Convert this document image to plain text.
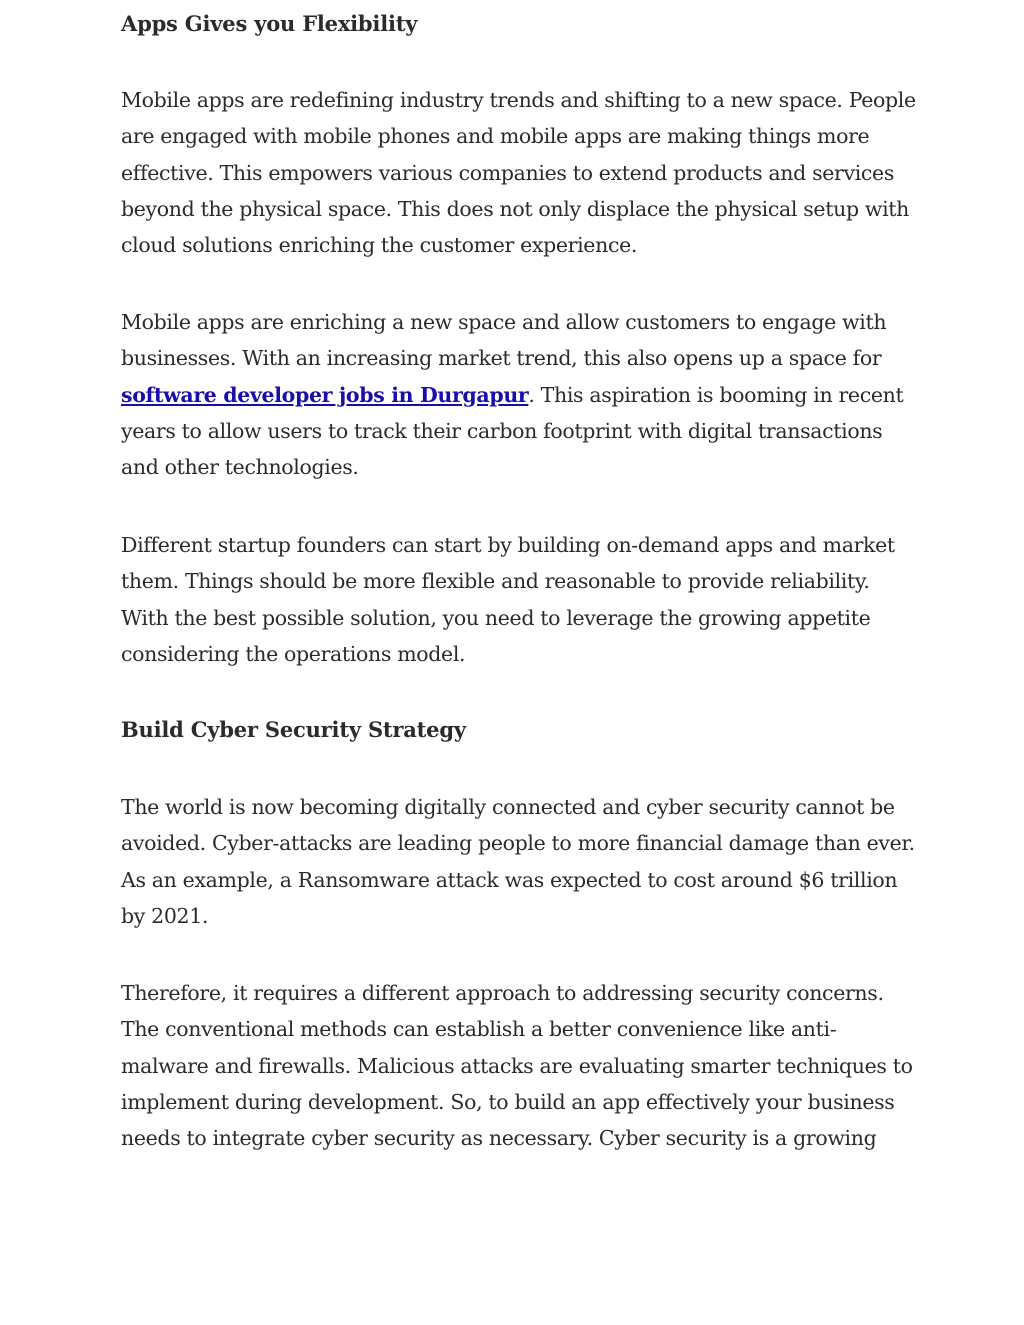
Apps Gives you Flexibility

Mobile apps are redefining industry trends and shifting to a new space. People are engaged with mobile phones and mobile apps are making things more effective. This empowers various companies to extend products and services beyond the physical space. This does not only displace the physical setup with cloud solutions enriching the customer experience.

Mobile apps are enriching a new space and allow customers to engage with businesses. With an increasing market trend, this also opens up a space for software developer jobs in Durgapur. This aspiration is booming in recent years to allow users to track their carbon footprint with digital transactions and other technologies.

Different startup founders can start by building on-demand apps and market them. Things should be more flexible and reasonable to provide reliability. With the best possible solution, you need to leverage the growing appetite considering the operations model.

Build Cyber Security Strategy

The world is now becoming digitally connected and cyber security cannot be avoided. Cyber-attacks are leading people to more financial damage than ever. As an example, a Ransomware attack was expected to cost around $6 trillion by 2021.

Therefore, it requires a different approach to addressing security concerns. The conventional methods can establish a better convenience like anti-malware and firewalls. Malicious attacks are evaluating smarter techniques to implement during development. So, to build an app effectively your business needs to integrate cyber security as necessary. Cyber security is a growing
